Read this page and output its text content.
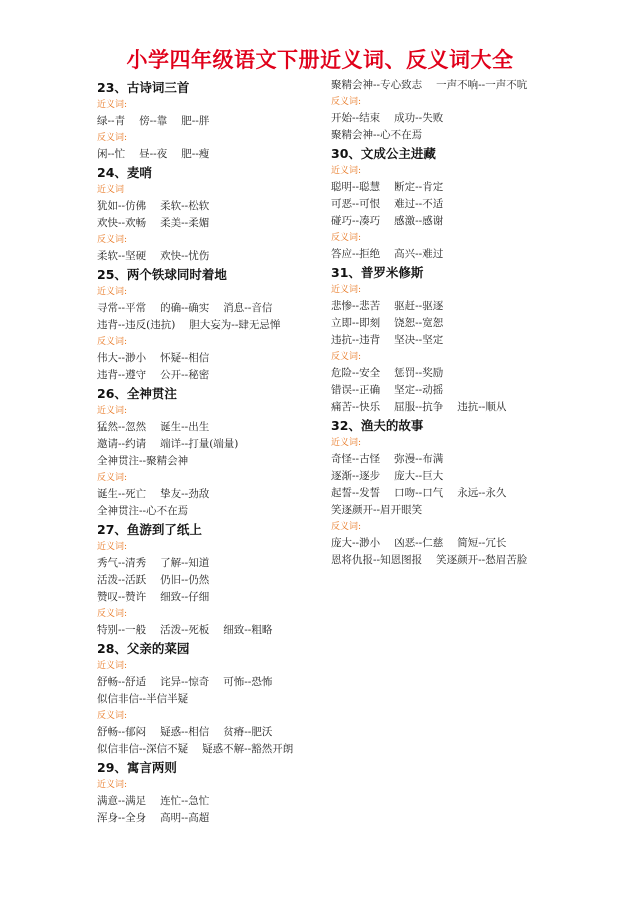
小学四年级语文下册近义词、反义词大全
23、古诗词三首
近义词:
绿--青 傍--靠 肥--胖
反义词:
闲--忙 昼--夜 肥--瘦
24、麦哨
近义词
犹如--仿佛 柔软--松软
欢快--欢畅 柔美--柔媚
反义词:
柔软--坚硬 欢快--忧伤
25、两个铁球同时着地
近义词:
寻常--平常 的确--确实 消息--音信
违背--违反(违抗) 胆大妄为--肆无忌惮
反义词:
伟大--渺小 怀疑--相信
违背--遵守 公开--秘密
26、全神贯注
近义词:
猛然--忽然 诞生--出生
邀请--约请 端详--打量(端量)
全神贯注--聚精会神
反义词:
诞生--死亡 挚友--劲敌
全神贯注--心不在焉
27、鱼游到了纸上
近义词:
秀气--清秀 了解--知道
活泼--活跃 仍旧--仍然
赞叹--赞许 细致--仔细
反义词:
特别--一般 活泼--死板 细致--粗略
28、父亲的菜园
近义词:
舒畅--舒适 诧异--惊奇 可怖--恐怖
似信非信--半信半疑
反义词:
舒畅--郁闷 疑惑--相信 贫瘠--肥沃
似信非信--深信不疑 疑惑不解--豁然开朗
29、寓言两则
近义词:
满意--满足 连忙--急忙
浑身--全身 高明--高超
聚精会神--专心致志 一声不响--一声不吭
反义词:
开始--结束 成功--失败
聚精会神--心不在焉
30、文成公主进藏
近义词:
聪明--聪慧 断定--肯定
可恶--可恨 难过--不适
碰巧--凑巧 感激--感谢
反义词:
答应--拒绝 高兴--难过
31、普罗米修斯
近义词:
悲惨--悲苦 驱赶--驱逐
立即--即刻 饶恕--宽恕
违抗--违背 坚决--坚定
反义词:
危险--安全 惩罚--奖励
错误--正确 坚定--动摇
痛苦--快乐 屈服--抗争 违抗--顺从
32、渔夫的故事
近义词:
奇怪--古怪 弥漫--布满
逐渐--逐步 庞大--巨大
起誓--发誓 口吻--口气 永远--永久
笑逐颜开--眉开眼笑
反义词:
庞大--渺小 凶恶--仁慈 简短--冗长
恩将仇报--知恩图报 笑逐颜开--愁眉苦脸
